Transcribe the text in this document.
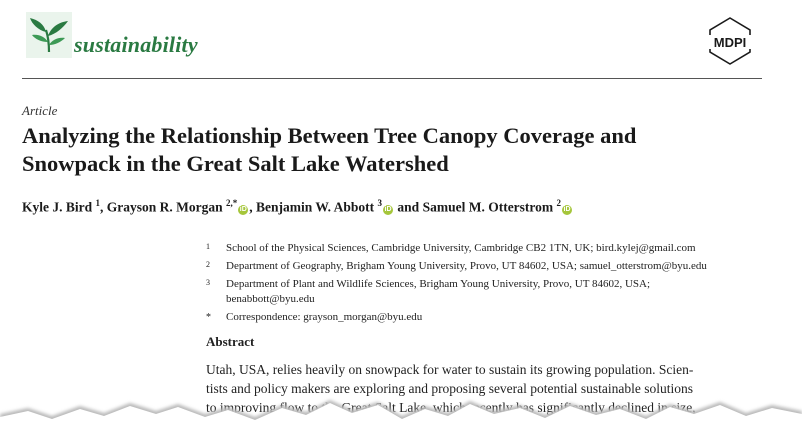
sustainability	MDPI
Article
Analyzing the Relationship Between Tree Canopy Coverage and
Snowpack in the Great Salt Lake Watershed
Kyle J. Bird $^1$, Grayson R. Morgan $^{2,*}$iD , Benjamin W. Abbott $^3$iD and Samuel M. Otterstrom $^2$iD
1 School of the Physical Sciences, Cambridge University, Cambridge CB2 1TN, UK; bird.kylej@gmail.com
2 Department of Geography, Brigham Young University, Provo, UT 84602, USA; samuel_otterstrom@byu.edu
3 Department of Plant and Wildlife Sciences, Brigham Young University, Provo, UT 84602, USA;
benabbott@byu.edu
* Correspondence: grayson_morgan@byu.edu
Abstract
Utah, USA, relies heavily on snowpack for water to sustain its growing population. Scien-
tists and policy makers are exploring and proposing several potential sustainable solutions
to improving flow to the Great Salt Lake, which recently has significantly declined in size,
